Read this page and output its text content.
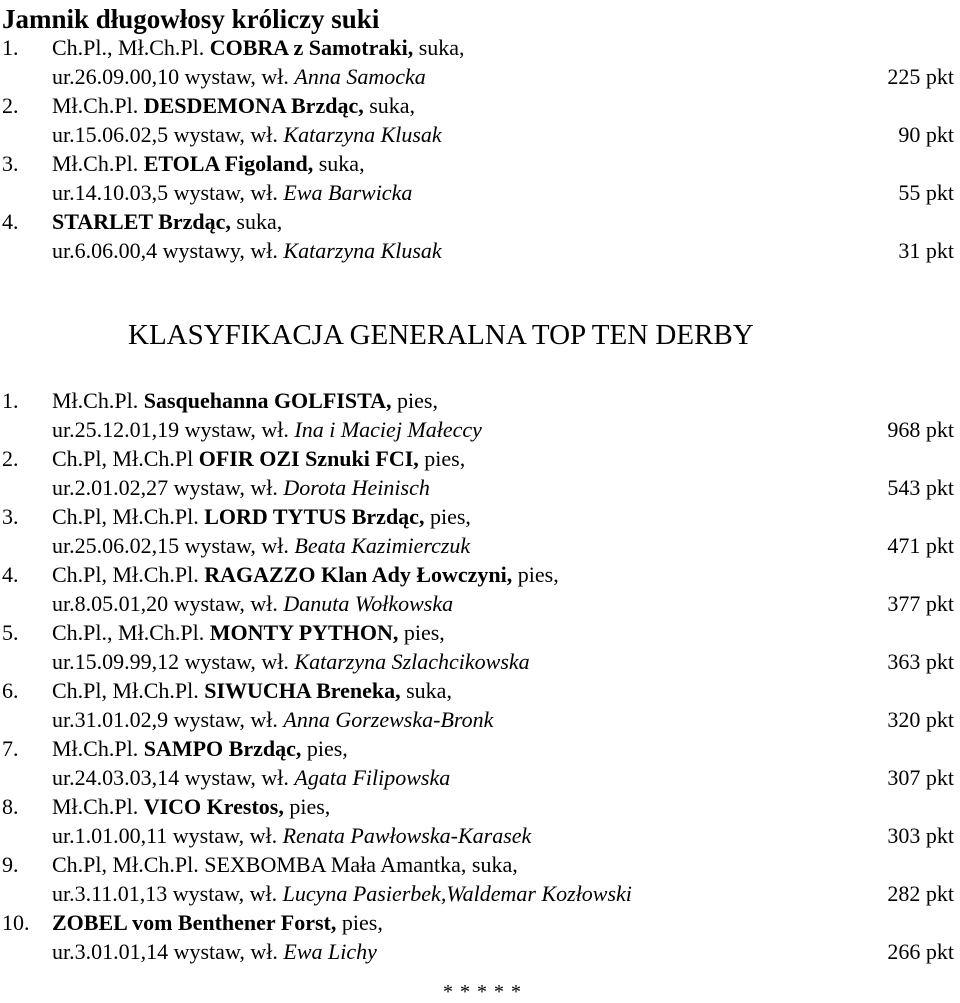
Jamnik długowłosy króliczy suki
1. Ch.Pl., Mł.Ch.Pl. COBRA z Samotraki, suka,
ur.26.09.00,10 wystaw, wł. Anna Samocka	225 pkt
2. Mł.Ch.Pl. DESDEMONA Brzdąc, suka,
ur.15.06.02,5 wystaw, wł. Katarzyna Klusak	90 pkt
3. Mł.Ch.Pl. ETOLA Figoland, suka,
ur.14.10.03,5 wystaw, wł. Ewa Barwicka	55 pkt
4. STARLET Brzdąc, suka,
ur.6.06.00,4 wystawy, wł. Katarzyna Klusak	31 pkt
KLASYFIKACJA GENERALNA TOP TEN DERBY
1. Mł.Ch.Pl. Sasquehanna GOLFISTA, pies,
ur.25.12.01,19 wystaw, wł. Ina i Maciej Małeccy	968 pkt
2. Ch.Pl, Mł.Ch.Pl OFIR OZI Sznuki FCI, pies,
ur.2.01.02,27 wystaw, wł. Dorota Heinisch	543 pkt
3. Ch.Pl, Mł.Ch.Pl. LORD TYTUS Brzdąc, pies,
ur.25.06.02,15 wystaw, wł. Beata Kazimierczuk	471 pkt
4. Ch.Pl, Mł.Ch.Pl. RAGAZZO Klan Ady Łowczyni, pies,
ur.8.05.01,20 wystaw, wł. Danuta Wołkowska	377 pkt
5. Ch.Pl., Mł.Ch.Pl. MONTY PYTHON, pies,
ur.15.09.99,12 wystaw, wł. Katarzyna Szlachcikowska	363 pkt
6. Ch.Pl, Mł.Ch.Pl. SIWUCHA Breneka, suka,
ur.31.01.02,9 wystaw, wł. Anna Gorzewska-Bronk	320 pkt
7. Mł.Ch.Pl. SAMPO Brzdąc, pies,
ur.24.03.03,14 wystaw, wł. Agata Filipowska	307 pkt
8. Mł.Ch.Pl. VICO Krestos, pies,
ur.1.01.00,11 wystaw, wł. Renata Pawłowska-Karasek	303 pkt
9. Ch.Pl, Mł.Ch.Pl. SEXBOMBA Mała Amantka, suka,
ur.3.11.01,13 wystaw, wł. Lucyna Pasierbek,Waldemar Kozłowski	282 pkt
10. ZOBEL vom Benthener Forst, pies,
ur.3.01.01,14 wystaw, wł. Ewa Lichy	266 pkt
* * * * *
